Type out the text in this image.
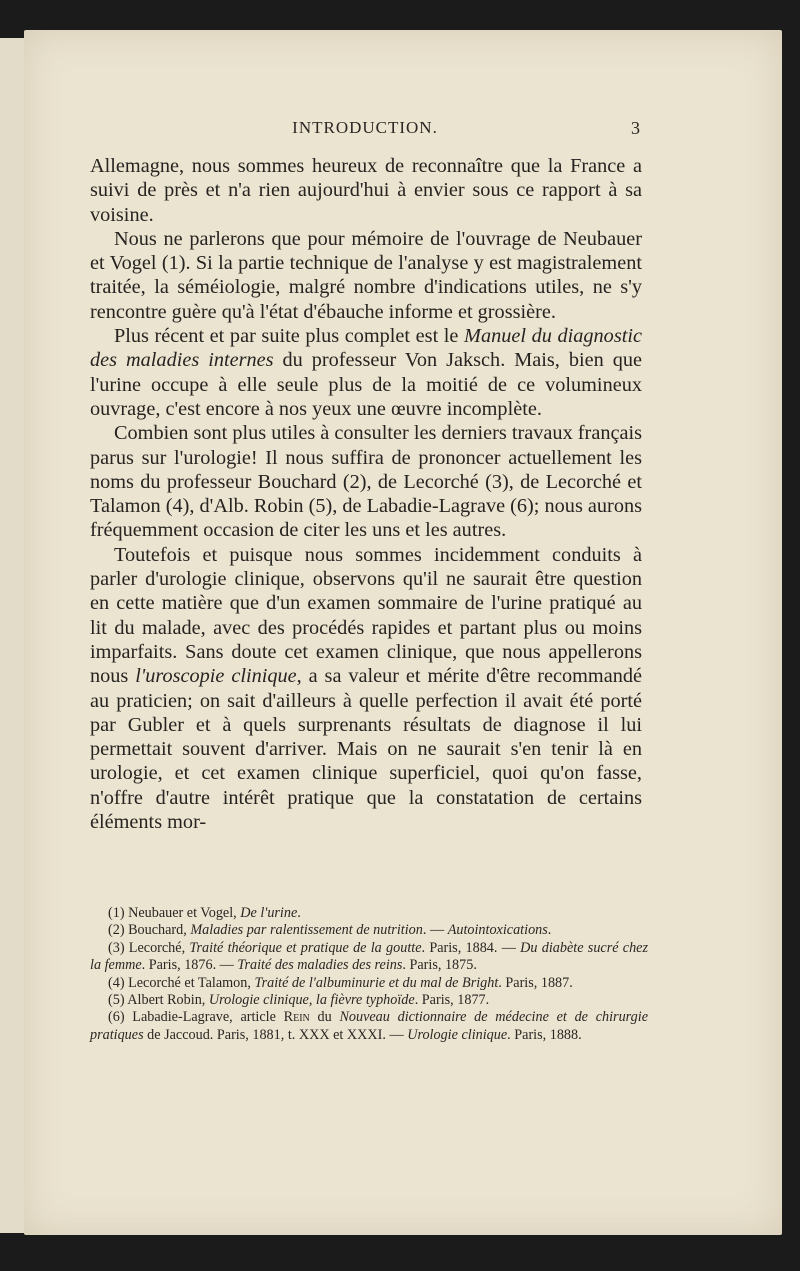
INTRODUCTION.	3

Allemagne, nous sommes heureux de reconnaître que la France a suivi de près et n'a rien aujourd'hui à envier sous ce rapport à sa voisine.

Nous ne parlerons que pour mémoire de l'ouvrage de Neubauer et Vogel (1). Si la partie technique de l'analyse y est magistralement traitée, la séméiologie, malgré nombre d'indications utiles, ne s'y rencontre guère qu'à l'état d'ébauche informe et grossière.

Plus récent et par suite plus complet est le Manuel du diagnostic des maladies internes du professeur Von Jaksch. Mais, bien que l'urine occupe à elle seule plus de la moitié de ce volumineux ouvrage, c'est encore à nos yeux une œuvre incomplète.

Combien sont plus utiles à consulter les derniers travaux français parus sur l'urologie! Il nous suffira de prononcer actuellement les noms du professeur Bouchard (2), de Lecorché (3), de Lecorché et Talamon (4), d'Alb. Robin (5), de Labadie-Lagrave (6); nous aurons fréquemment occasion de citer les uns et les autres.

Toutefois et puisque nous sommes incidemment conduits à parler d'urologie clinique, observons qu'il ne saurait être question en cette matière que d'un examen sommaire de l'urine pratiqué au lit du malade, avec des procédés rapides et partant plus ou moins imparfaits. Sans doute cet examen clinique, que nous appellerons nous l'uroscopie clinique, a sa valeur et mérite d'être recommandé au praticien; on sait d'ailleurs à quelle perfection il avait été porté par Gubler et à quels surprenants résultats de diagnose il lui permettait souvent d'arriver. Mais on ne saurait s'en tenir là en urologie, et cet examen clinique superficiel, quoi qu'on fasse, n'offre d'autre intérêt pratique que la constatation de certains éléments mor-

(1) Neubauer et Vogel, De l'urine.

(2) Bouchard, Maladies par ralentissement de nutrition. — Autointoxications.

(3) Lecorché, Traité théorique et pratique de la goutte. Paris, 1884. — Du diabète sucré chez la femme. Paris, 1876. — Traité des maladies des reins. Paris, 1875.

(4) Lecorché et Talamon, Traité de l'albuminurie et du mal de Bright. Paris, 1887.

(5) Albert Robin, Urologie clinique, la fièvre typhoïde. Paris, 1877.

(6) Labadie-Lagrave, article Rein du Nouveau dictionnaire de médecine et de chirurgie pratiques de Jaccoud. Paris, 1881, t. XXX et XXXI. — Urologie clinique. Paris, 1888.
